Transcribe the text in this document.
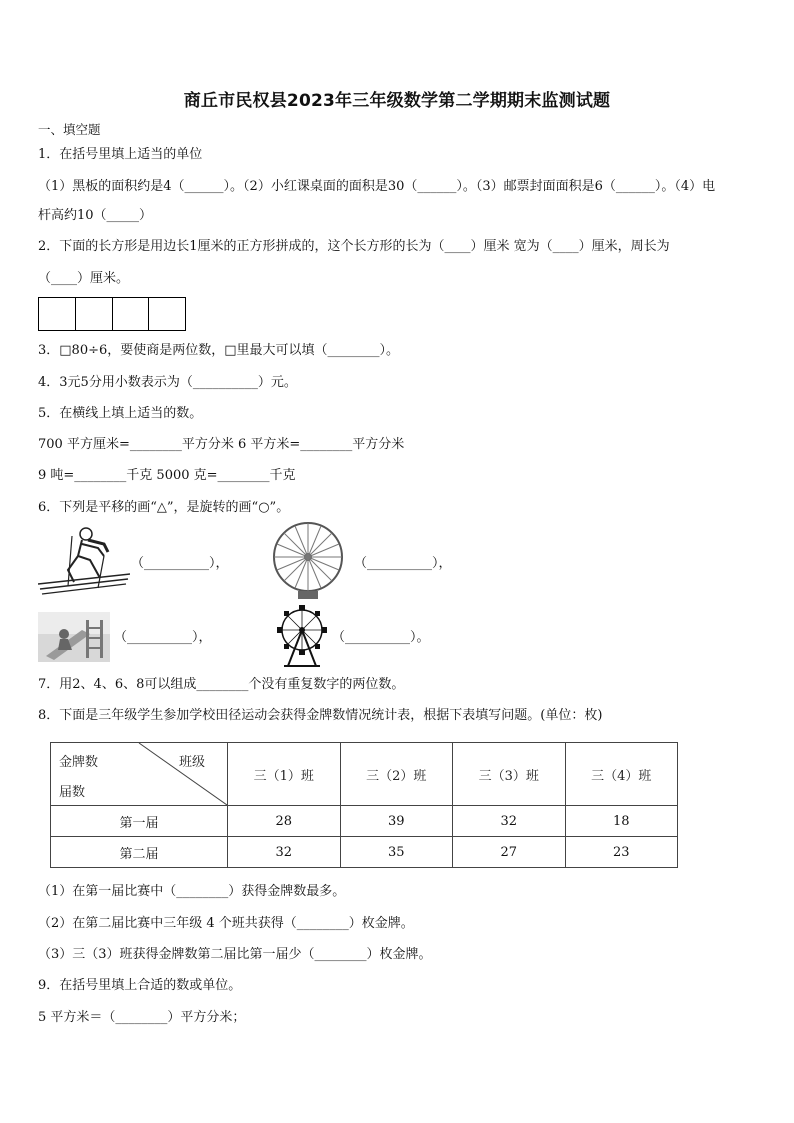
商丘市民权县2023年三年级数学第二学期期末监测试题
一、填空题
1．在括号里填上适当的单位
（1）黑板的面积约是4（______）。（2）小红课桌面的面积是30（______）。（3）邮票封面面积是6（______）。（4）电
杆高约10（_____）
2．下面的长方形是用边长1厘米的正方形拼成的，这个长方形的长为（____）厘米 宽为（____）厘米，周长为
（____）厘米。
3．□80÷6，要使商是两位数，□里最大可以填（________）。
4．3元5分用小数表示为（__________）元。
5．在横线上填上适当的数。
700 平方厘米=________平方分米 6 平方米=________平方分米
9 吨=________千克 5000 克=________千克
6．下列是平移的画“△”，是旋转的画“○”。
（__________），	（__________），
（__________），	（__________）。
7．用2、4、6、8可以组成________个没有重复数字的两位数。
8．下面是三年级学生参加学校田径运动会获得金牌数情况统计表，根据下表填写问题。(单位：枚)
金牌数 班级
届数	三（1）班	三（2）班	三（3）班	三（4）班
第一届	28	39	32	18
第二届	32	35	27	23
（1）在第一届比赛中（________）获得金牌数最多。
（2）在第二届比赛中三年级 4 个班共获得（________）枚金牌。
（3）三（3）班获得金牌数第二届比第一届少（________）枚金牌。
9．在括号里填上合适的数或单位。
5 平方米＝（________）平方分米；
